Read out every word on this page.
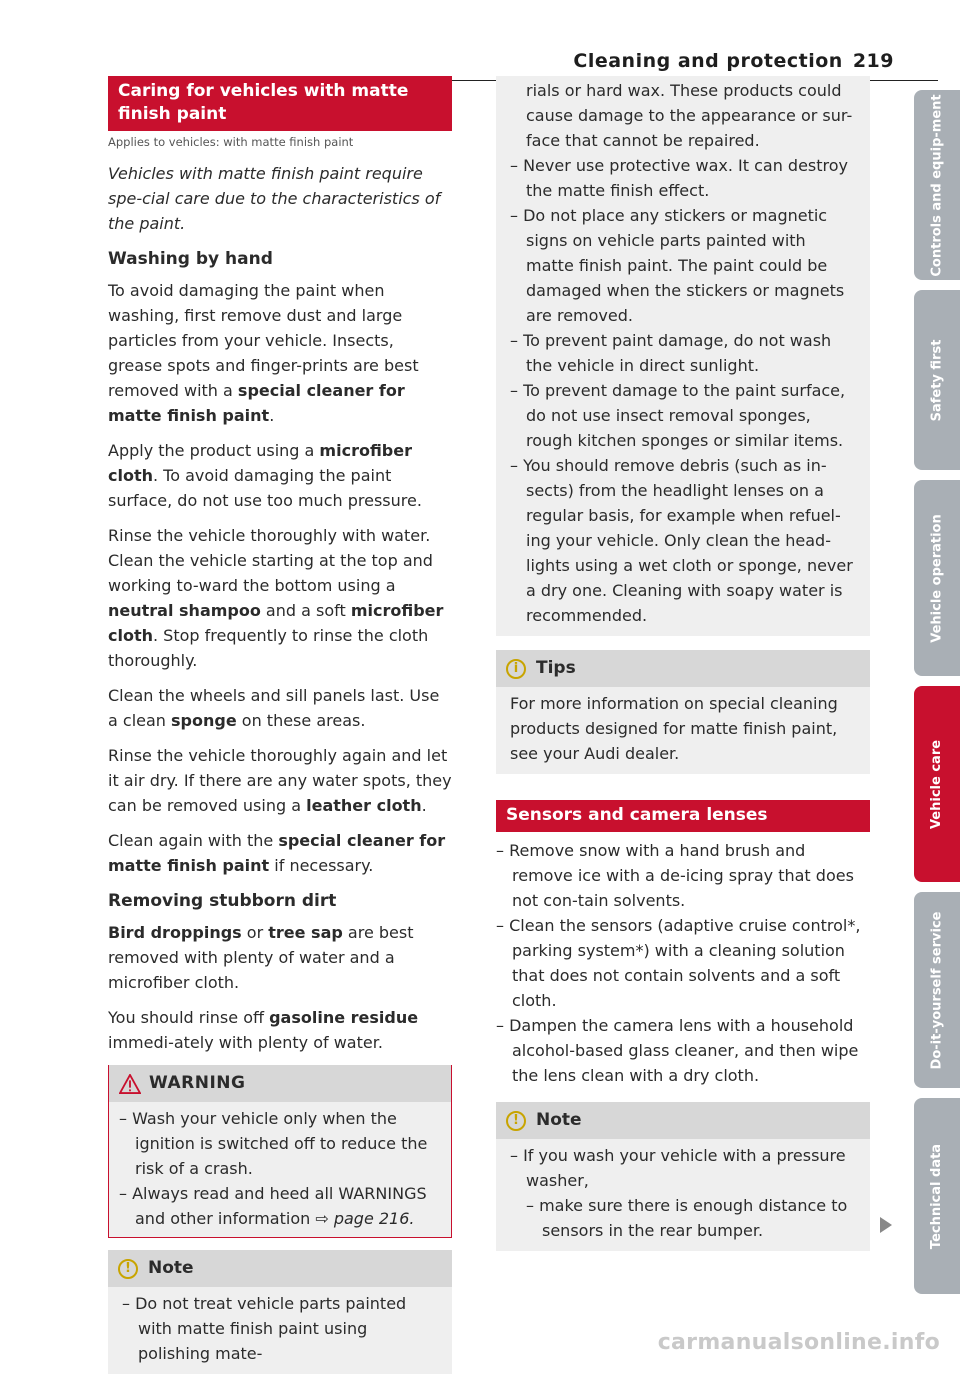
Cleaning and protection 219
Caring for vehicles with matte finish paint
Applies to vehicles: with matte finish paint

Vehicles with matte finish paint require spe-cial care due to the characteristics of the paint.

Washing by hand

To avoid damaging the paint when washing, first remove dust and large particles from your vehicle. Insects, grease spots and finger-prints are best removed with a special cleaner for matte finish paint.

Apply the product using a microfiber cloth. To avoid damaging the paint surface, do not use too much pressure.

Rinse the vehicle thoroughly with water. Clean the vehicle starting at the top and working to-ward the bottom using a neutral shampoo and a soft microfiber cloth. Stop frequently to rinse the cloth thoroughly.

Clean the wheels and sill panels last. Use a clean sponge on these areas.

Rinse the vehicle thoroughly again and let it air dry. If there are any water spots, they can be removed using a leather cloth.

Clean again with the special cleaner for matte finish paint if necessary.

Removing stubborn dirt

Bird droppings or tree sap are best removed with plenty of water and a microfiber cloth.

You should rinse off gasoline residue immedi-ately with plenty of water.

WARNING

– Wash your vehicle only when the ignition is switched off to reduce the risk of a crash.

– Always read and heed all WARNINGS and other information ⇨ page 216.

!	Note

– Do not treat vehicle parts painted with matte finish paint using polishing mate-

rials or hard wax. These products could cause damage to the appearance or sur-face that cannot be repaired.

– Never use protective wax. It can destroy the matte finish effect.

– Do not place any stickers or magnetic signs on vehicle parts painted with matte finish paint. The paint could be damaged when the stickers or magnets are removed.

– To prevent paint damage, do not wash the vehicle in direct sunlight.

– To prevent damage to the paint surface, do not use insect removal sponges, rough kitchen sponges or similar items.

– You should remove debris (such as in-sects) from the headlight lenses on a regular basis, for example when refuel-ing your vehicle. Only clean the head-lights using a wet cloth or sponge, never a dry one. Cleaning with soapy water is recommended.

i	Tips

For more information on special cleaning products designed for matte finish paint, see your Audi dealer.

Sensors and camera lenses

– Remove snow with a hand brush and remove ice with a de-icing spray that does not con-tain solvents.

– Clean the sensors (adaptive cruise control*, parking system*) with a cleaning solution that does not contain solvents and a soft cloth.

– Dampen the camera lens with a household alcohol-based glass cleaner, and then wipe the lens clean with a dry cloth.

!	Note

– If you wash your vehicle with a pressure washer,

– make sure there is enough distance to sensors in the rear bumper.

Controls and equip-ment
Safety first
Vehicle operation
Vehicle care
Do-it-yourself service
Technical data
carmanualsonline.info
